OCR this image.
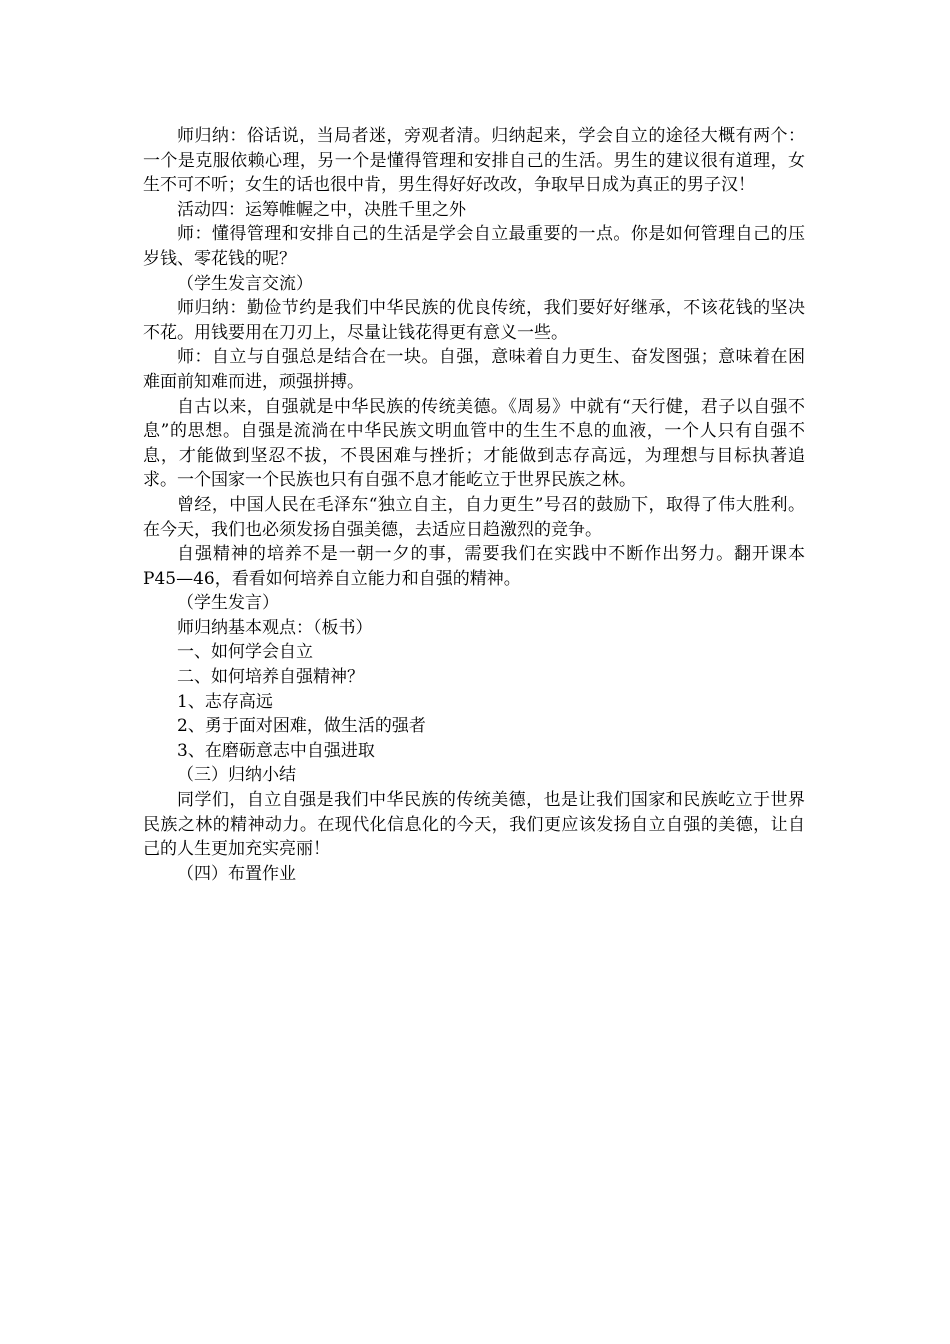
师归纳：俗话说，当局者迷，旁观者清。归纳起来，学会自立的途径大概有两个：一个是克服依赖心理，另一个是懂得管理和安排自己的生活。男生的建议很有道理，女生不可不听；女生的话也很中肯，男生得好好改改，争取早日成为真正的男子汉！

活动四：运筹帷幄之中，决胜千里之外

师：懂得管理和安排自己的生活是学会自立最重要的一点。你是如何管理自己的压岁钱、零花钱的呢？

（学生发言交流）

师归纳：勤俭节约是我们中华民族的优良传统，我们要好好继承，不该花钱的坚决不花。用钱要用在刀刃上，尽量让钱花得更有意义一些。

师：自立与自强总是结合在一块。自强，意味着自力更生、奋发图强；意味着在困难面前知难而进，顽强拼搏。

自古以来，自强就是中华民族的传统美德。《周易》中就有“天行健，君子以自强不息”的思想。自强是流淌在中华民族文明血管中的生生不息的血液，一个人只有自强不息，才能做到坚忍不拔，不畏困难与挫折；才能做到志存高远，为理想与目标执著追求。一个国家一个民族也只有自强不息才能屹立于世界民族之林。

曾经，中国人民在毛泽东“独立自主，自力更生”号召的鼓励下，取得了伟大胜利。在今天，我们也必须发扬自强美德，去适应日趋激烈的竞争。

自强精神的培养不是一朝一夕的事，需要我们在实践中不断作出努力。翻开课本P45—46，看看如何培养自立能力和自强的精神。

（学生发言）

师归纳基本观点：（板书）

一、如何学会自立

二、如何培养自强精神？

1、志存高远

2、勇于面对困难，做生活的强者

3、在磨砺意志中自强进取

（三）归纳小结

同学们，自立自强是我们中华民族的传统美德，也是让我们国家和民族屹立于世界民族之林的精神动力。在现代化信息化的今天，我们更应该发扬自立自强的美德，让自己的人生更加充实亮丽！

（四）布置作业
